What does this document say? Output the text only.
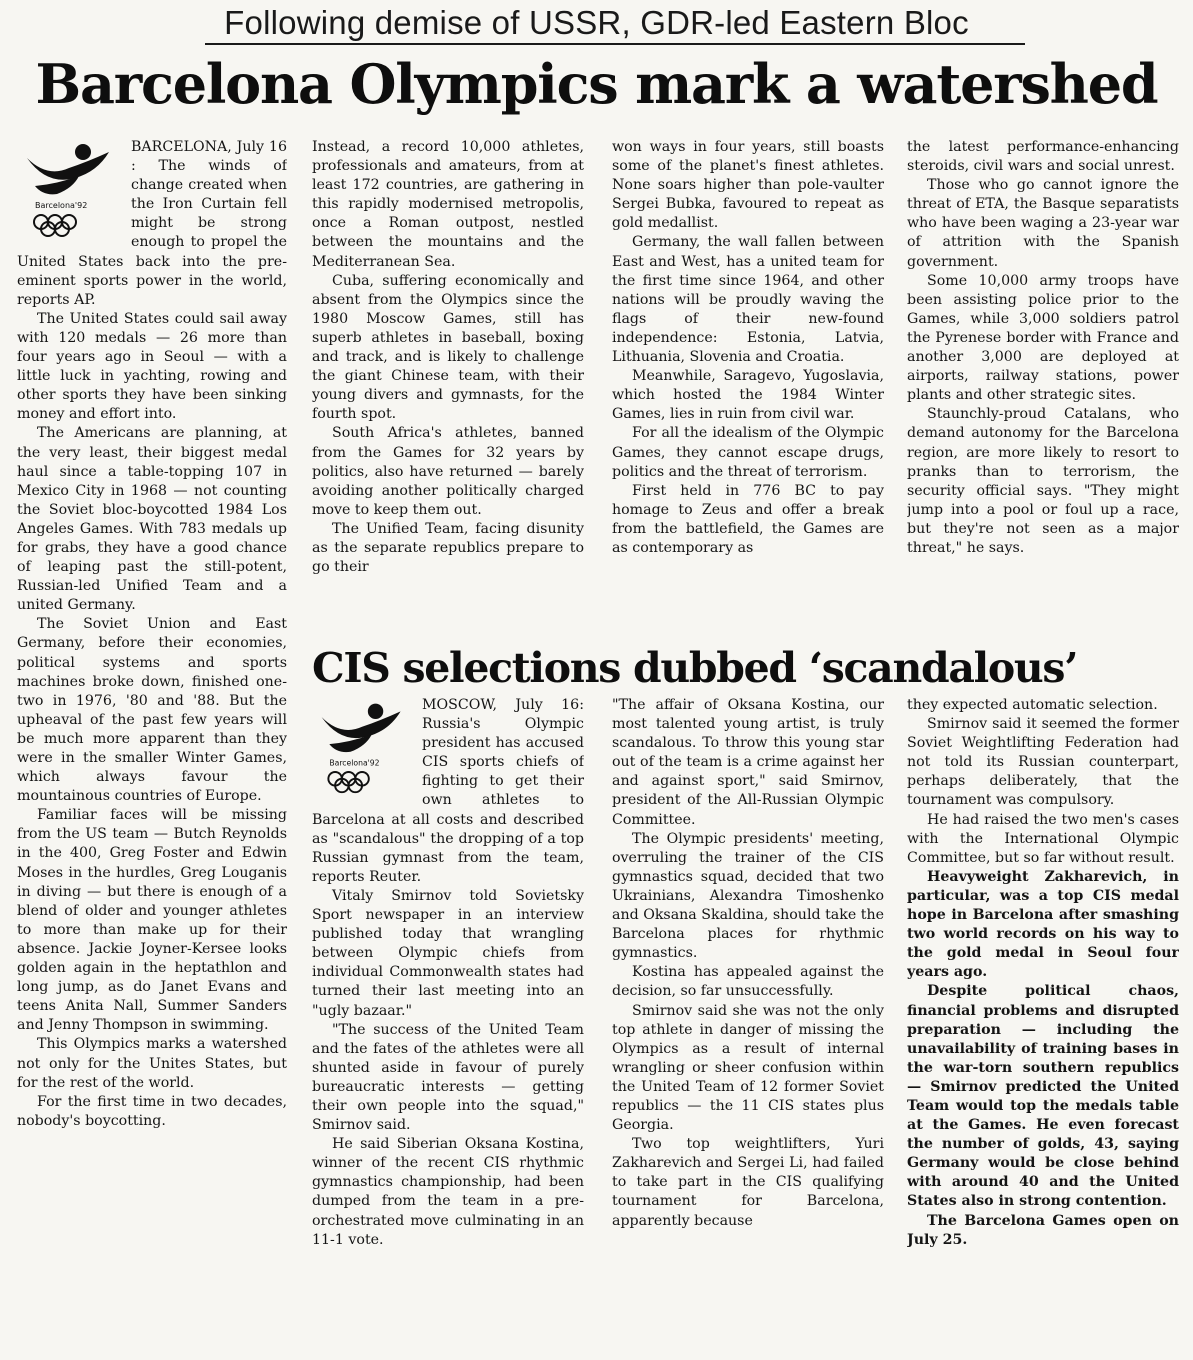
Following demise of USSR, GDR-led Eastern Bloc
Barcelona Olympics mark a watershed
Barcelona'92

BARCELONA, July 16 : The winds of change created when the Iron Curtain fell might be strong enough to propel the United States back into the pre-eminent sports power in the world, reports AP.

The United States could sail away with 120 medals — 26 more than four years ago in Seoul — with a little luck in yachting, rowing and other sports they have been sinking money and effort into.

The Americans are planning, at the very least, their biggest medal haul since a table-topping 107 in Mexico City in 1968 — not counting the Soviet bloc-boycotted 1984 Los Angeles Games. With 783 medals up for grabs, they have a good chance of leaping past the still-potent, Russian-led Unified Team and a united Germany.

The Soviet Union and East Germany, before their economies, political systems and sports machines broke down, finished one-two in 1976, '80 and '88. But the upheaval of the past few years will be much more apparent than they were in the smaller Winter Games, which always favour the mountainous countries of Europe.

Familiar faces will be missing from the US team — Butch Reynolds in the 400, Greg Foster and Edwin Moses in the hurdles, Greg Louganis in diving — but there is enough of a blend of older and younger athletes to more than make up for their absence. Jackie Joyner-Kersee looks golden again in the heptathlon and long jump, as do Janet Evans and teens Anita Nall, Summer Sanders and Jenny Thompson in swimming.

This Olympics marks a watershed not only for the Unites States, but for the rest of the world.

For the first time in two decades, nobody's boycotting.

Instead, a record 10,000 athletes, professionals and amateurs, from at least 172 countries, are gathering in this rapidly modernised metropolis, once a Roman outpost, nestled between the mountains and the Mediterranean Sea.

Cuba, suffering economically and absent from the Olympics since the 1980 Moscow Games, still has superb athletes in baseball, boxing and track, and is likely to challenge the giant Chinese team, with their young divers and gymnasts, for the fourth spot.

South Africa's athletes, banned from the Games for 32 years by politics, also have returned — barely avoiding another politically charged move to keep them out.

The Unified Team, facing disunity as the separate republics prepare to go their

won ways in four years, still boasts some of the planet's finest athletes. None soars higher than pole-vaulter Sergei Bubka, favoured to repeat as gold medallist.

Germany, the wall fallen between East and West, has a united team for the first time since 1964, and other nations will be proudly waving the flags of their new-found independence: Estonia, Latvia, Lithuania, Slovenia and Croatia.

Meanwhile, Saragevo, Yugoslavia, which hosted the 1984 Winter Games, lies in ruin from civil war.

For all the idealism of the Olympic Games, they cannot escape drugs, politics and the threat of terrorism.

First held in 776 BC to pay homage to Zeus and offer a break from the battlefield, the Games are as contemporary as

the latest performance-enhancing steroids, civil wars and social unrest.

Those who go cannot ignore the threat of ETA, the Basque separatists who have been waging a 23-year war of attrition with the Spanish government.

Some 10,000 army troops have been assisting police prior to the Games, while 3,000 soldiers patrol the Pyrenese border with France and another 3,000 are deployed at airports, railway stations, power plants and other strategic sites.

Staunchly-proud Catalans, who demand autonomy for the Barcelona region, are more likely to resort to pranks than to terrorism, the security official says. "They might jump into a pool or foul up a race, but they're not seen as a major threat," he says.

CIS selections dubbed ‘scandalous’
Barcelona'92

MOSCOW, July 16: Russia's Olympic president has accused CIS sports chiefs of fighting to get their own athletes to Barcelona at all costs and described as "scandalous" the dropping of a top Russian gymnast from the team, reports Reuter.

Vitaly Smirnov told Sovietsky Sport newspaper in an interview published today that wrangling between Olympic chiefs from individual Commonwealth states had turned their last meeting into an "ugly bazaar."

"The success of the United Team and the fates of the athletes were all shunted aside in favour of purely bureaucratic interests — getting their own people into the squad," Smirnov said.

He said Siberian Oksana Kostina, winner of the recent CIS rhythmic gymnastics championship, had been dumped from the team in a pre-orchestrated move culminating in an 11-1 vote.

"The affair of Oksana Kostina, our most talented young artist, is truly scandalous. To throw this young star out of the team is a crime against her and against sport," said Smirnov, president of the All-Russian Olympic Committee.

The Olympic presidents' meeting, overruling the trainer of the CIS gymnastics squad, decided that two Ukrainians, Alexandra Timoshenko and Oksana Skaldina, should take the Barcelona places for rhythmic gymnastics.

Kostina has appealed against the decision, so far unsuccessfully.

Smirnov said she was not the only top athlete in danger of missing the Olympics as a result of internal wrangling or sheer confusion within the United Team of 12 former Soviet republics — the 11 CIS states plus Georgia.

Two top weightlifters, Yuri Zakharevich and Sergei Li, had failed to take part in the CIS qualifying tournament for Barcelona, apparently because

they expected automatic selection.

Smirnov said it seemed the former Soviet Weightlifting Federation had not told its Russian counterpart, perhaps deliberately, that the tournament was compulsory.

He had raised the two men's cases with the International Olympic Committee, but so far without result.

Heavyweight Zakharevich, in particular, was a top CIS medal hope in Barcelona after smashing two world records on his way to the gold medal in Seoul four years ago.

Despite political chaos, financial problems and disrupted preparation — including the unavailability of training bases in the war-torn southern republics — Smirnov predicted the United Team would top the medals table at the Games. He even forecast the number of golds, 43, saying Germany would be close behind with around 40 and the United States also in strong contention.

The Barcelona Games open on July 25.
